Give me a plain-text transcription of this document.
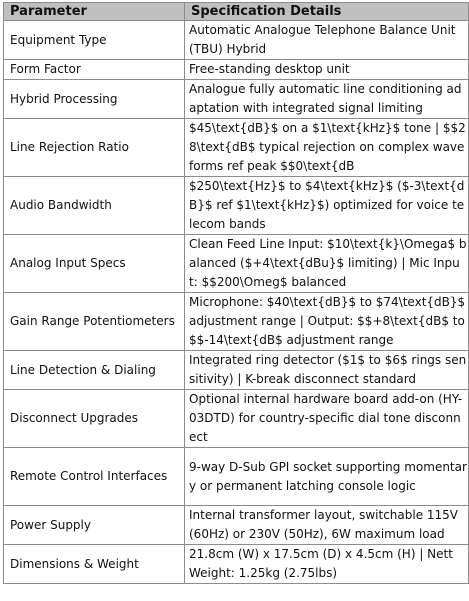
Parameter	Specification Details
Equipment Type	Automatic Analogue Telephone Balance Unit (TBU) Hybrid
Form Factor	Free-standing desktop unit
Hybrid Processing	Analogue fully automatic line conditioning adaptation with integrated signal limiting
Line Rejection Ratio	$45\text{dB}$ on a $1\text{kHz}$ tone | $$28\text{dB$ typical rejection on complex waveforms ref peak $$0\text{dB
Audio Bandwidth	$250\text{Hz}$ to $4\text{kHz}$ ($-3\text{dB}$ ref $1\text{kHz}$) optimized for voice telecom bands
Analog Input Specs	Clean Feed Line Input: $10\text{k}\Omega$ balanced ($+4\text{dBu}$ limiting) | Mic Input: $$200\Omeg$ balanced
Gain Range Potentiometers	Microphone: $40\text{dB}$ to $74\text{dB}$ adjustment range | Output: $$+8\text{dB$ to $$-14\text{dB$ adjustment range
Line Detection & Dialing	Integrated ring detector ($1$ to $6$ rings sensitivity) | K-break disconnect standard
Disconnect Upgrades	Optional internal hardware board add-on (HY-03DTD) for country-specific dial tone disconnect
Remote Control Interfaces	9-way D-Sub GPI socket supporting momentary or permanent latching console logic
Power Supply	Internal transformer layout, switchable 115V (60Hz) or 230V (50Hz), 6W maximum load
Dimensions & Weight	21.8cm (W) x 17.5cm (D) x 4.5cm (H) | Nett Weight: 1.25kg (2.75lbs)
